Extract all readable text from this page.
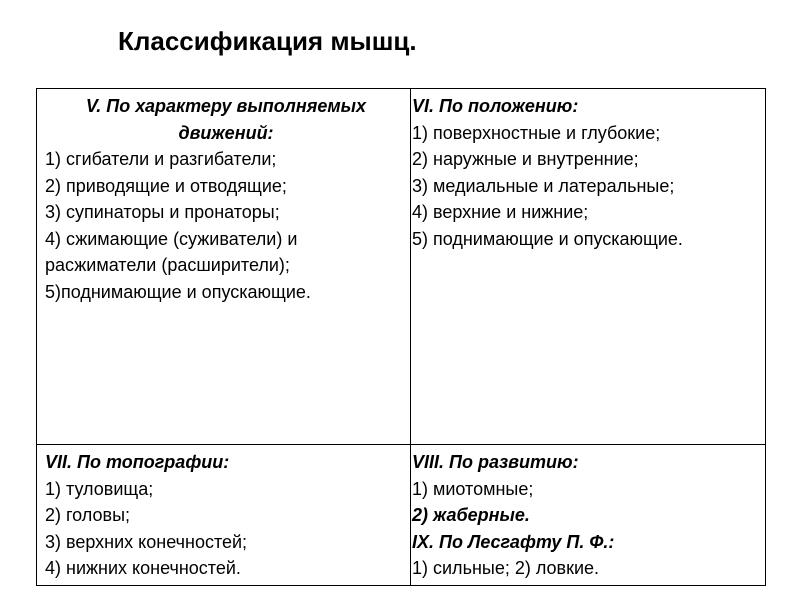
Классификация мышц.
V. По характеру выполняемых
движений:
1) сгибатели и разгибатели;
2) приводящие и отводящие;
3) супинаторы и пронаторы;
4) сжимающие (суживатели) и
расжиматели (расширители);
5)поднимающие и опускающие.
VI. По положению:
1) поверхностные и глубокие;
2) наружные и внутренние;
3) медиальные и латеральные;
4) верхние и нижние;
5) поднимающие и опускающие.
VII. По топографии:
1) туловища;
2) головы;
3) верхних конечностей;
4) нижних конечностей.
VIII. По развитию:
1) миотомные;
2) жаберные.
IX. По Лесгафту П. Ф.:
1) сильные; 2) ловкие.
